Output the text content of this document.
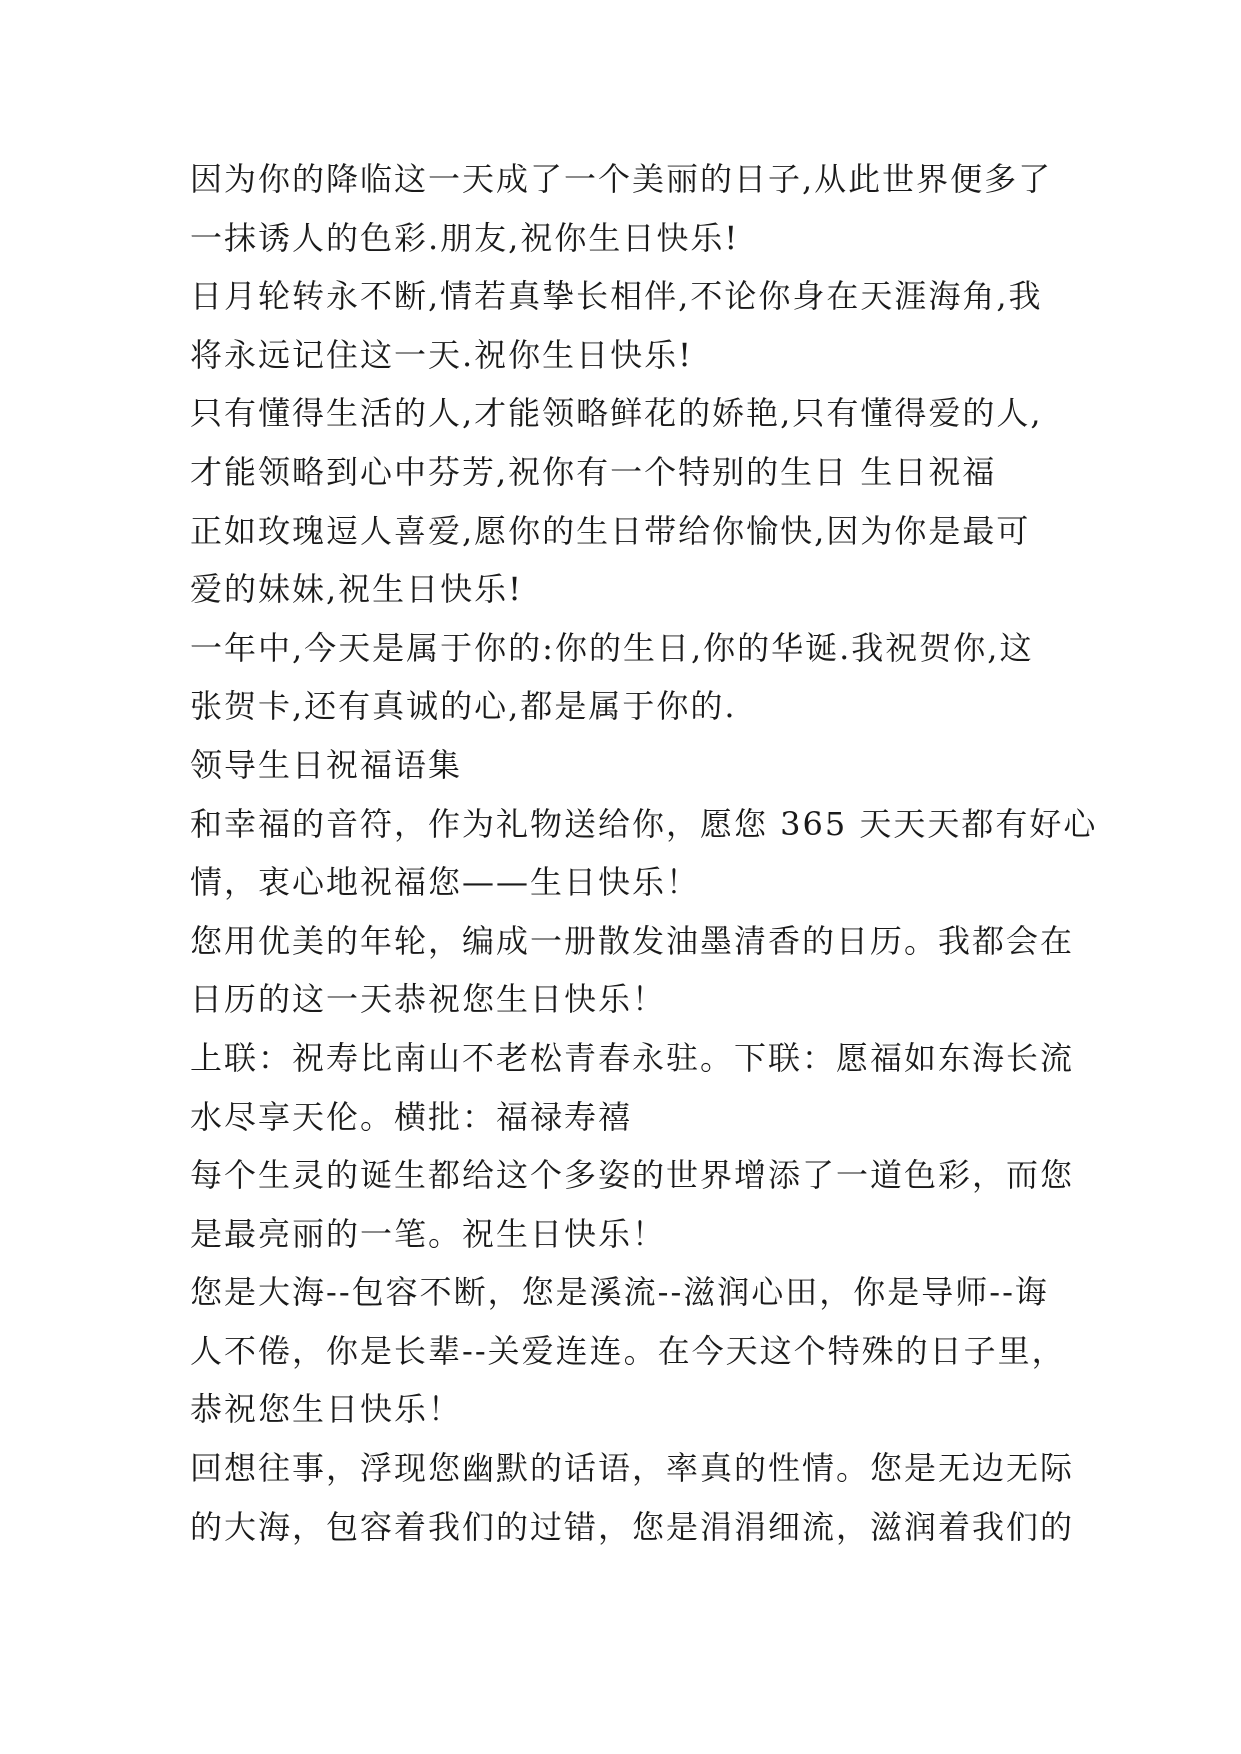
因为你的降临这一天成了一个美丽的日子,从此世界便多了
一抹诱人的色彩.朋友,祝你生日快乐!
日月轮转永不断,情若真挚长相伴,不论你身在天涯海角,我
将永远记住这一天.祝你生日快乐!
只有懂得生活的人,才能领略鲜花的娇艳,只有懂得爱的人,
才能领略到心中芬芳,祝你有一个特别的生日 生日祝福
正如玫瑰逗人喜爱,愿你的生日带给你愉快,因为你是最可
爱的妹妹,祝生日快乐!
一年中,今天是属于你的:你的生日,你的华诞.我祝贺你,这
张贺卡,还有真诚的心,都是属于你的.
领导生日祝福语集
和幸福的音符，作为礼物送给你，愿您 365 天天天都有好心
情，衷心地祝福您——生日快乐！
您用优美的年轮，编成一册散发油墨清香的日历。我都会在
日历的这一天恭祝您生日快乐！
上联：祝寿比南山不老松青春永驻。下联：愿福如东海长流
水尽享天伦。横批：福禄寿禧
每个生灵的诞生都给这个多姿的世界增添了一道色彩，而您
是最亮丽的一笔。祝生日快乐！
您是大海--包容不断，您是溪流--滋润心田，你是导师--诲
人不倦，你是长辈--关爱连连。在今天这个特殊的日子里，
恭祝您生日快乐！
回想往事，浮现您幽默的话语，率真的性情。您是无边无际
的大海，包容着我们的过错，您是涓涓细流，滋润着我们的
